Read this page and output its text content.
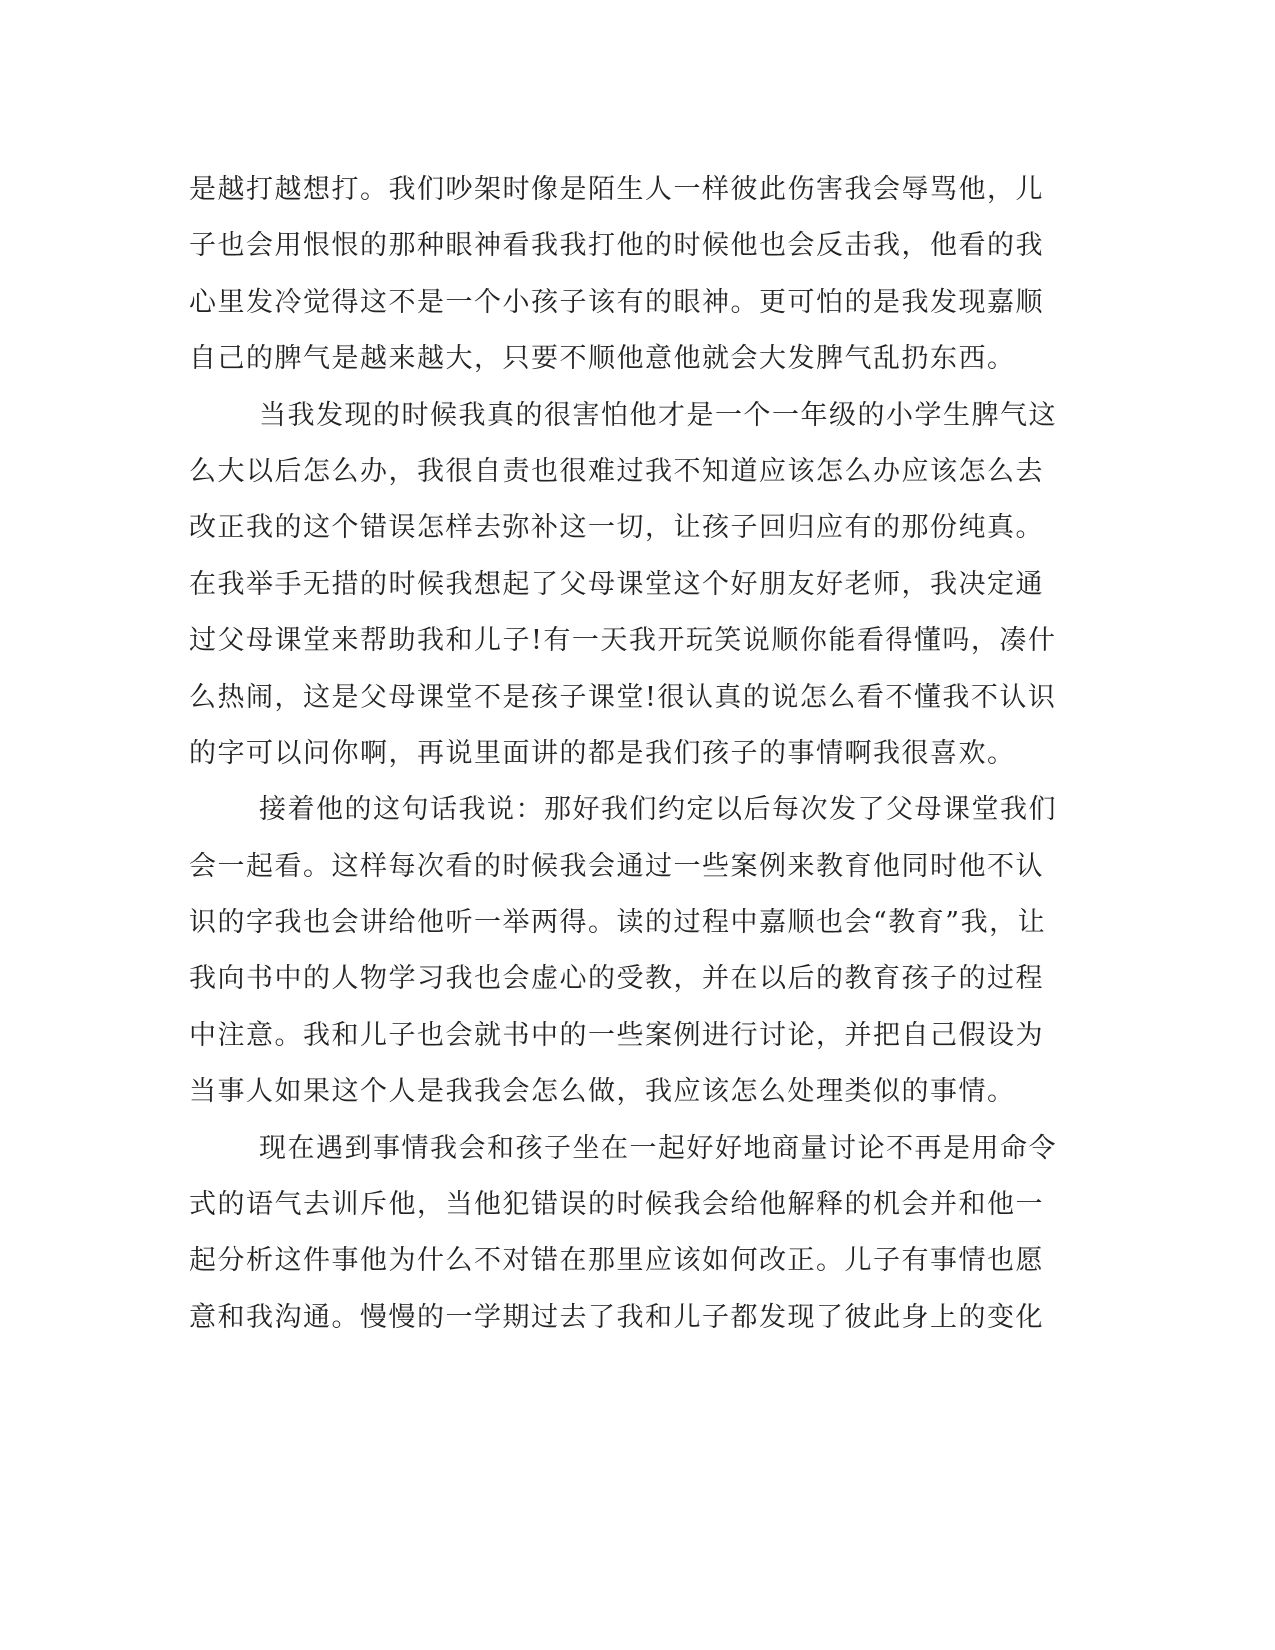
是越打越想打。我们吵架时像是陌生人一样彼此伤害我会辱骂他，儿
子也会用恨恨的那种眼神看我我打他的时候他也会反击我，他看的我
心里发冷觉得这不是一个小孩子该有的眼神。更可怕的是我发现嘉顺
自己的脾气是越来越大，只要不顺他意他就会大发脾气乱扔东西。
当我发现的时候我真的很害怕他才是一个一年级的小学生脾气这
么大以后怎么办，我很自责也很难过我不知道应该怎么办应该怎么去
改正我的这个错误怎样去弥补这一切，让孩子回归应有的那份纯真。
在我举手无措的时候我想起了父母课堂这个好朋友好老师，我决定通
过父母课堂来帮助我和儿子!有一天我开玩笑说顺你能看得懂吗，凑什
么热闹，这是父母课堂不是孩子课堂!很认真的说怎么看不懂我不认识
的字可以问你啊，再说里面讲的都是我们孩子的事情啊我很喜欢。
接着他的这句话我说：那好我们约定以后每次发了父母课堂我们
会一起看。这样每次看的时候我会通过一些案例来教育他同时他不认
识的字我也会讲给他听一举两得。读的过程中嘉顺也会“教育”我，让
我向书中的人物学习我也会虚心的受教，并在以后的教育孩子的过程
中注意。我和儿子也会就书中的一些案例进行讨论，并把自己假设为
当事人如果这个人是我我会怎么做，我应该怎么处理类似的事情。
现在遇到事情我会和孩子坐在一起好好地商量讨论不再是用命令
式的语气去训斥他，当他犯错误的时候我会给他解释的机会并和他一
起分析这件事他为什么不对错在那里应该如何改正。儿子有事情也愿
意和我沟通。慢慢的一学期过去了我和儿子都发现了彼此身上的变化
